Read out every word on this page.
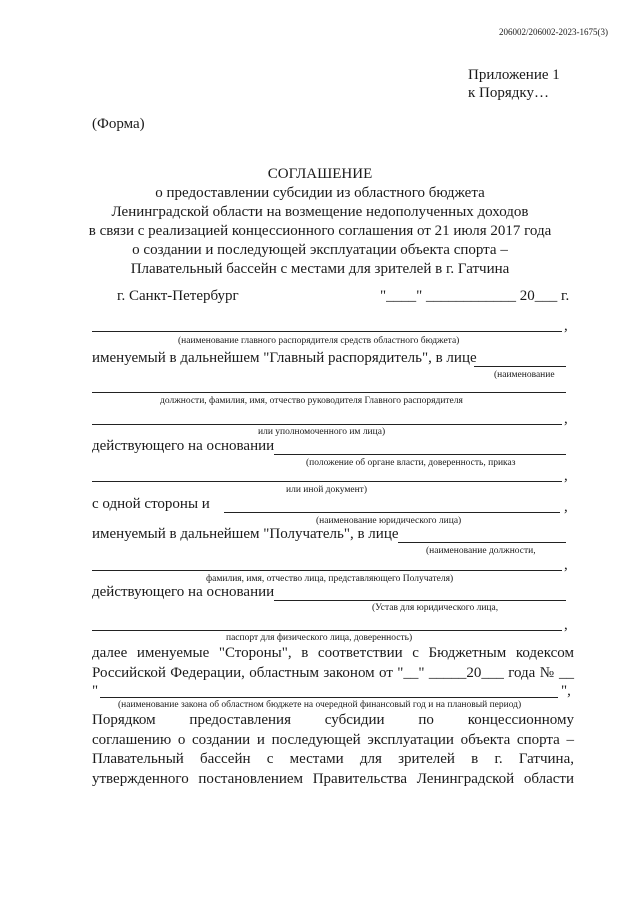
206002/206002-2023-1675(3)
Приложение 1
к Порядку…
(Форма)
СОГЛАШЕНИЕ
о предоставлении субсидии из областного бюджета
Ленинградской области на возмещение недополученных доходов
в связи с реализацией концессионного соглашения от 21 июля 2017 года
о создании и последующей эксплуатации объекта спорта –
Плавательный бассейн с местами для зрителей в г. Гатчина
г. Санкт-Петербург	"____" ____________ 20___ г.
,
(наименование главного распорядителя средств областного бюджета)
именуемый в дальнейшем "Главный распорядитель", в лице
(наименование
должности, фамилия, имя, отчество руководителя Главного распорядителя
,
или уполномоченного им лица)
действующего на основании
(положение об органе власти, доверенность, приказ
,
или иной документ)
с одной стороны и	,
(наименование юридического лица)
именуемый в дальнейшем "Получатель", в лице
(наименование должности,
,
фамилия, имя, отчество лица, представляющего Получателя)
действующего на основании
(Устав для юридического лица,
,
паспорт для физического лица, доверенность)
далее именуемые "Стороны", в соответствии с Бюджетным кодексом
Российской Федерации, областным законом от "__" _____20___ года № __
"	",
(наименование закона об областном бюджете на очередной финансовый год и на плановый период)
Порядком предоставления субсидии по концессионному
соглашению о создании и последующей эксплуатации объекта спорта –
Плавательный бассейн с местами для зрителей в г. Гатчина,
утвержденного постановлением Правительства Ленинградской области
